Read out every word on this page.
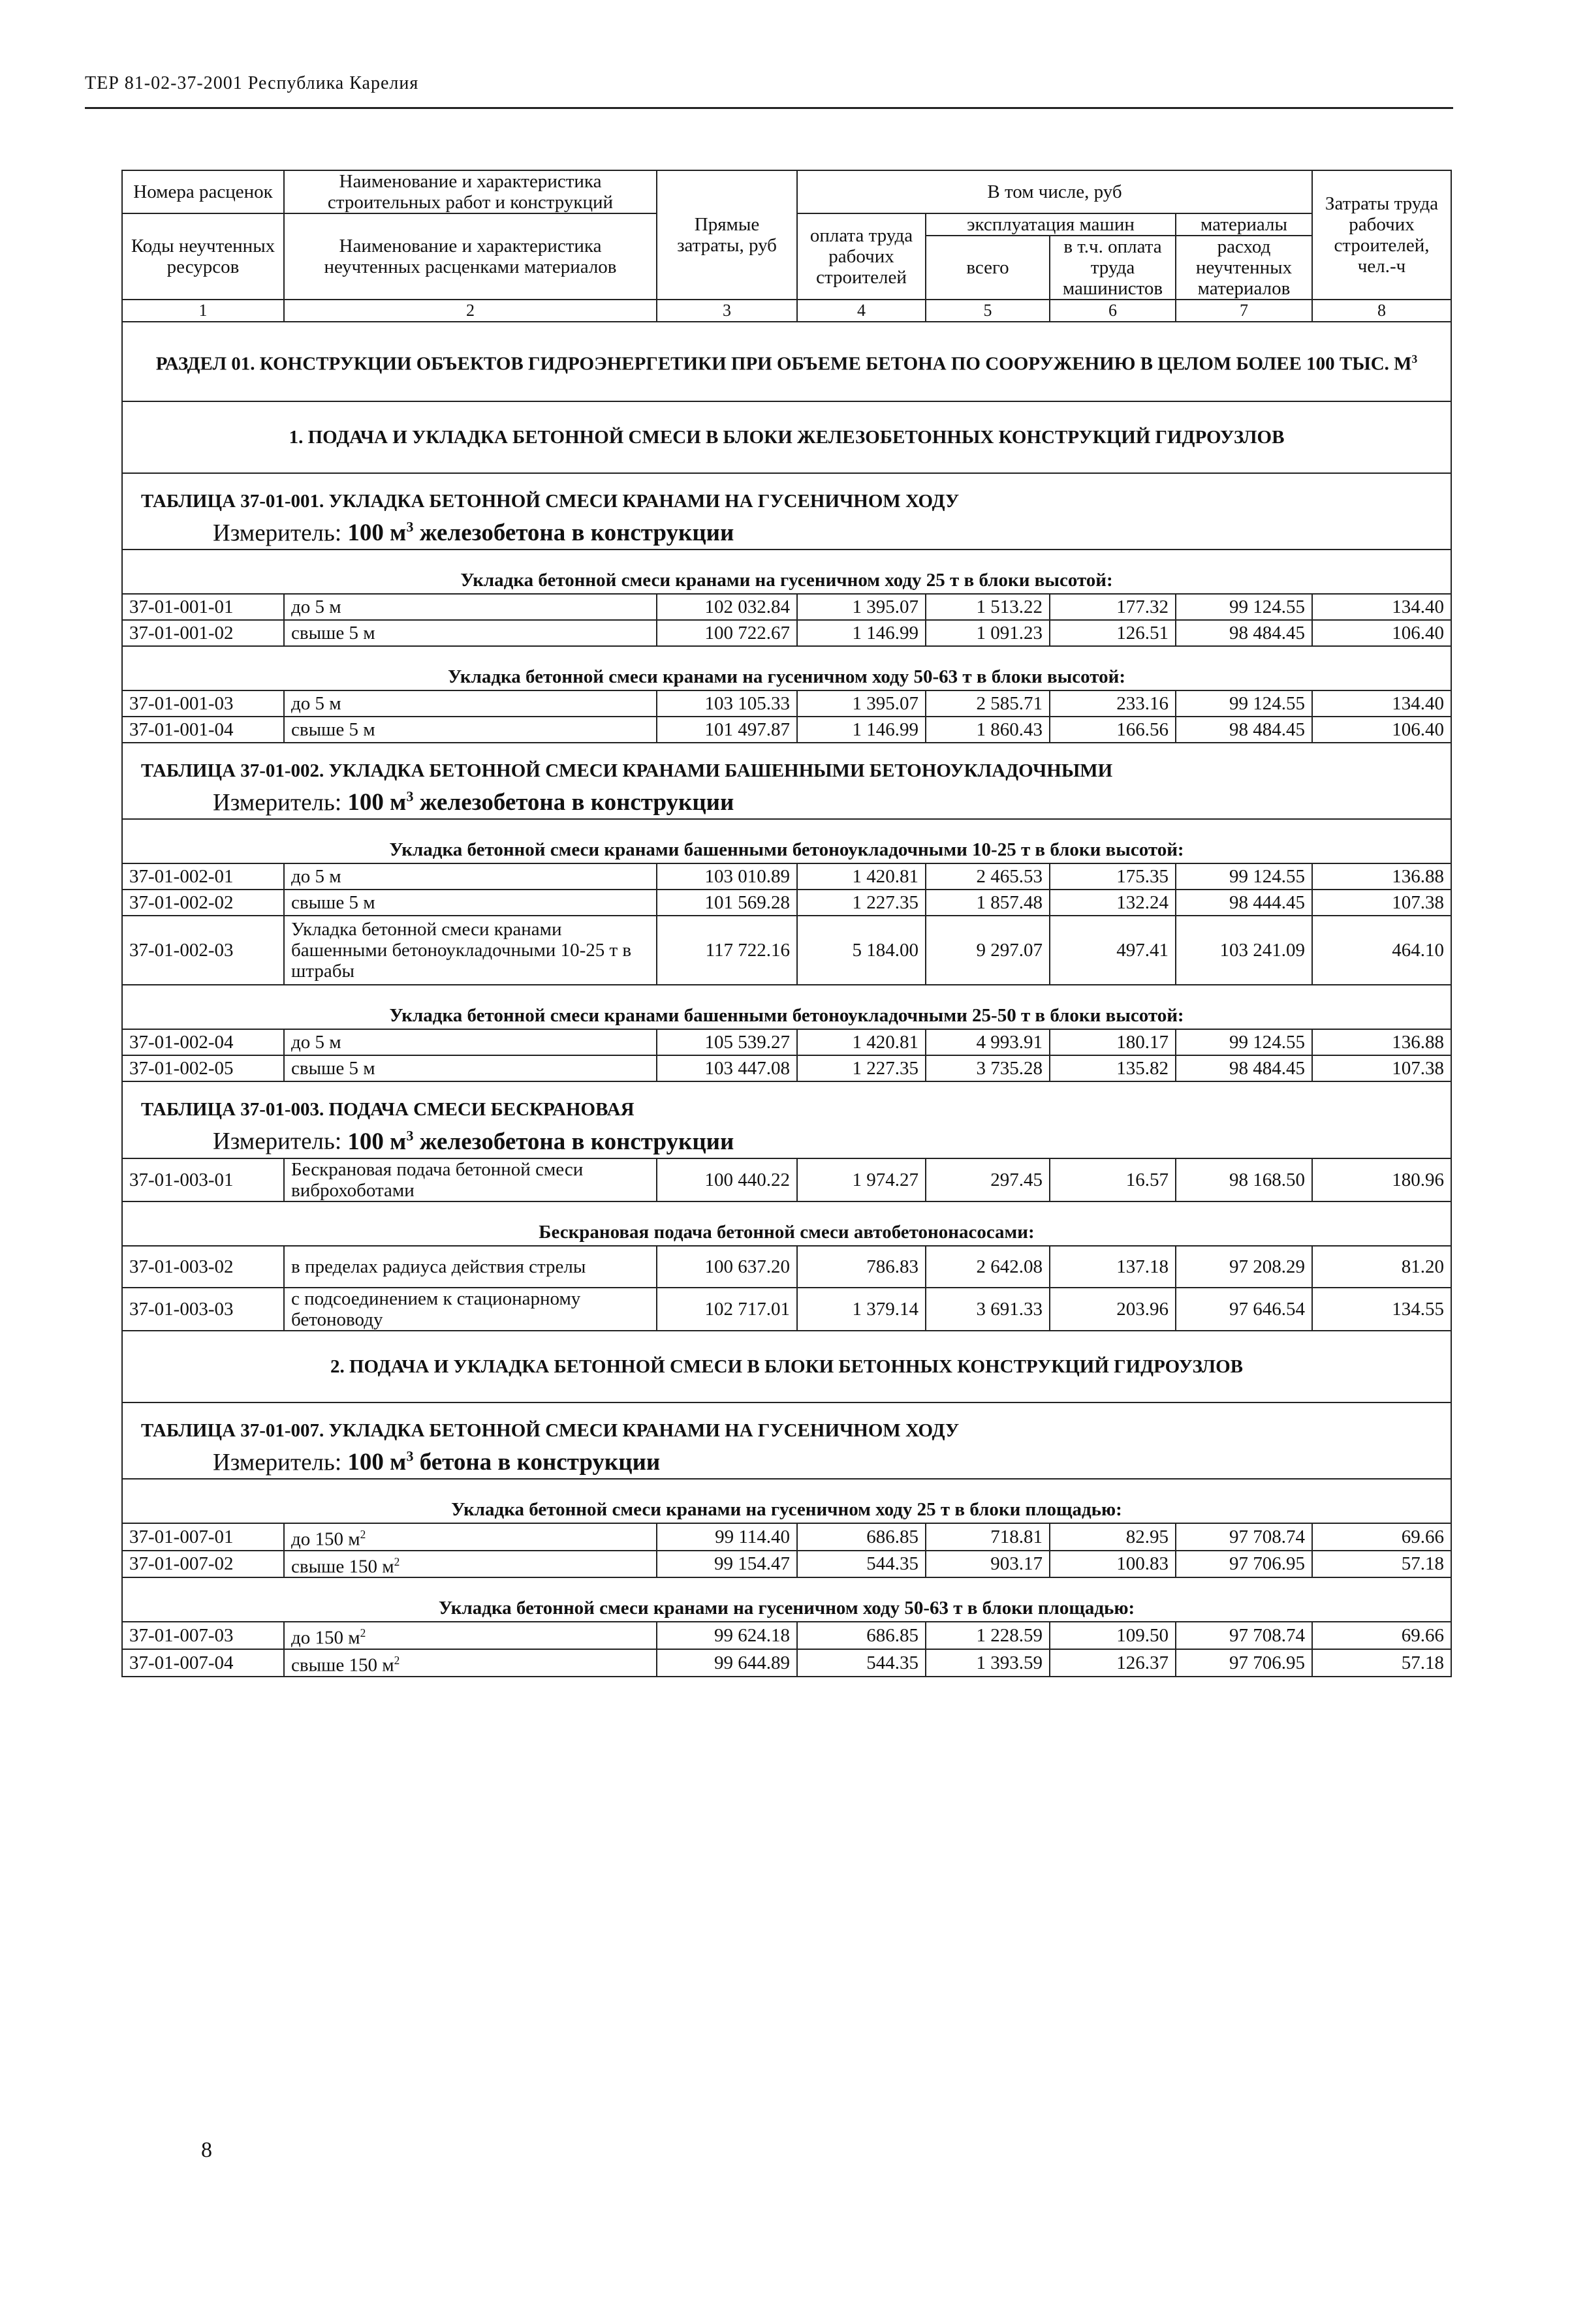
ТЕР 81-02-37-2001 Республика Карелия
Номера расценок	Наименование и характеристика строительных работ и конструкций	Прямые затраты, руб	В том числе, руб				Затраты труда рабочих строителей, чел.-ч
Коды неучтенных ресурсов	Наименование и характеристика неучтенных расценками материалов		оплата труда рабочих строителей	эксплуатация машин		материалы	
				всего	в т.ч. оплата труда машинистов	расход неучтенных материалов	

1	2	3	4	5	6	7	8
РАЗДЕЛ 01. КОНСТРУКЦИИ ОБЪЕКТОВ ГИДРОЭНЕРГЕТИКИ ПРИ ОБЪЕМЕ БЕТОНА ПО СООРУЖЕНИЮ В ЦЕЛОМ БОЛЕЕ 100 ТЫС. $М^3$
1. ПОДАЧА И УКЛАДКА БЕТОННОЙ СМЕСИ В БЛОКИ ЖЕЛЕЗОБЕТОННЫХ КОНСТРУКЦИЙ ГИДРОУЗЛОВ							
ТАБЛИЦА 37-01-001. УКЛАДКА БЕТОННОЙ СМЕСИ КРАНАМИ НА ГУСЕНИЧНОМ ХОДУ
Измеритель: 100 $м^3$ железобетона в конструкции							

Укладка бетонной смеси кранами на гусеничном ходу 25 т в блоки высотой:							
37-01-001-01	до 5 м	102 032.84	1 395.07	1 513.22	177.32	99 124.55	134.40
37-01-001-02	свыше 5 м	100 722.67	1 146.99	1 091.23	126.51	98 484.45	106.40
Укладка бетонной смеси кранами на гусеничном ходу 50-63 т в блоки высотой:							
37-01-001-03	до 5 м	103 105.33	1 395.07	2 585.71	233.16	99 124.55	134.40
37-01-001-04	свыше 5 м	101 497.87	1 146.99	1 860.43	166.56	98 484.45	106.40
ТАБЛИЦА 37-01-002. УКЛАДКА БЕТОННОЙ СМЕСИ КРАНАМИ БАШЕННЫМИ БЕТОНОУКЛАДОЧНЫМИ
Измеритель: 100 $м^3$ железобетона в конструкции							

Укладка бетонной смеси кранами башенными бетоноукладочными 10-25 т в блоки высотой:							
37-01-002-01	до 5 м	103 010.89	1 420.81	2 465.53	175.35	99 124.55	136.88
37-01-002-02	свыше 5 м	101 569.28	1 227.35	1 857.48	132.24	98 444.45	107.38
37-01-002-03	Укладка бетонной смеси кранами башенными бетоноукладочными 10-25 т в штрабы	117 722.16	5 184.00	9 297.07	497.41	103 241.09	464.10
Укладка бетонной смеси кранами башенными бетоноукладочными 25-50 т в блоки высотой:							
37-01-002-04	до 5 м	105 539.27	1 420.81	4 993.91	180.17	99 124.55	136.88
37-01-002-05	свыше 5 м	103 447.08	1 227.35	3 735.28	135.82	98 484.45	107.38
ТАБЛИЦА 37-01-003. ПОДАЧА СМЕСИ БЕСКРАНОВАЯ
Измеритель: 100 $м^3$ железобетона в конструкции							

37-01-003-01	Бескрановая подача бетонной смеси виброхоботами	100 440.22	1 974.27	297.45	16.57	98 168.50	180.96
Бескрановая подача бетонной смеси автобетононасосами:							
37-01-003-02	в пределах радиуса действия стрелы	100 637.20	786.83	2 642.08	137.18	97 208.29	81.20
37-01-003-03	с подсоединением к стационарному бетоноводу	102 717.01	1 379.14	3 691.33	203.96	97 646.54	134.55
2. ПОДАЧА И УКЛАДКА БЕТОННОЙ СМЕСИ В БЛОКИ БЕТОННЫХ КОНСТРУКЦИЙ ГИДРОУЗЛОВ							
ТАБЛИЦА 37-01-007. УКЛАДКА БЕТОННОЙ СМЕСИ КРАНАМИ НА ГУСЕНИЧНОМ ХОДУ
Измеритель: 100 $м^3$ бетона в конструкции							

Укладка бетонной смеси кранами на гусеничном ходу 25 т в блоки площадью:							
37-01-007-01	до 150 $м^2$	99 114.40	686.85	718.81	82.95	97 708.74	69.66
37-01-007-02	свыше 150 $м^2$	99 154.47	544.35	903.17	100.83	97 706.95	57.18
Укладка бетонной смеси кранами на гусеничном ходу 50-63 т в блоки площадью:							
37-01-007-03	до 150 $м^2$	99 624.18	686.85	1 228.59	109.50	97 708.74	69.66
37-01-007-04	свыше 150 $м^2$	99 644.89	544.35	1 393.59	126.37	97 706.95	57.18
8
